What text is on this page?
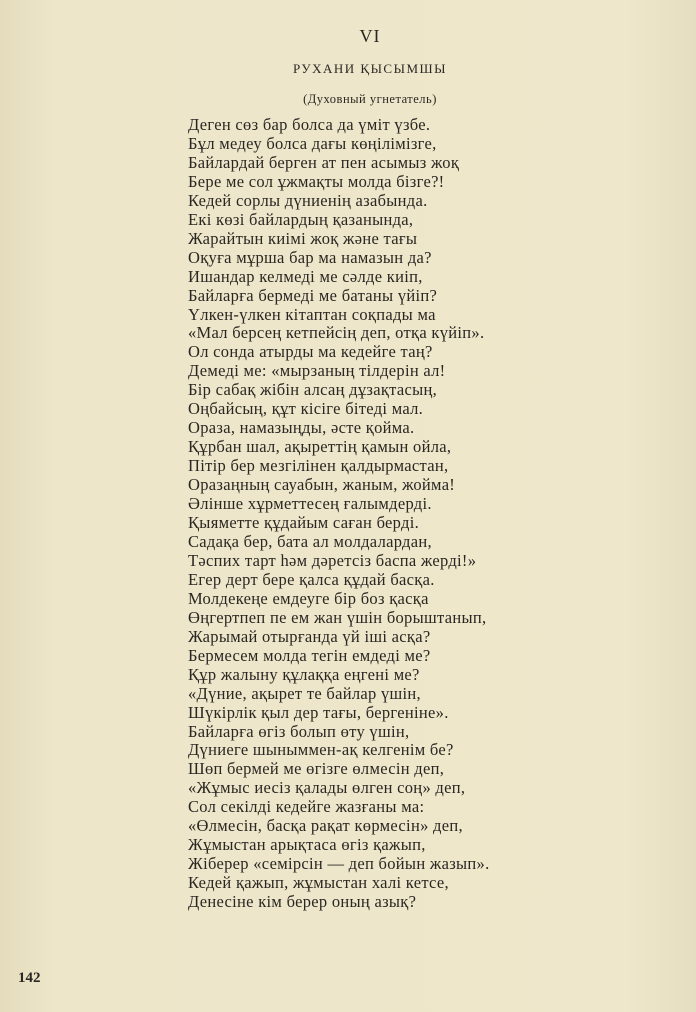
VI
РУХАНИ ҚЫСЫМШЫ
(Духовный угнетатель)
Деген сөз бар болса да үміт үзбе.
Бұл медеу болса дағы көңілімізге,
Байлардай берген ат пен асымыз жоқ
Бере ме сол ұжмақты молда бізге?!
Кедей сорлы дүниенің азабында.
Екі көзі байлардың қазанында,
Жарайтын киімі жоқ және тағы
Оқуға мұрша бар ма намазын да?
Ишандар келмеді ме сәлде киіп,
Байларға бермеді ме батаны үйіп?
Үлкен-үлкен кітаптан соқпады ма
«Мал берсең кетпейсің деп, отқа күйіп».
Ол сонда атырды ма кедейге таң?
Демеді ме: «мырзаның тілдерін ал!
Бір сабақ жібін алсаң дұзақтасың,
Оңбайсың, құт кісіге бітеді мал.
Ораза, намазыңды, әсте қойма.
Құрбан шал, ақыреттің қамын ойла,
Пітір бер мезгілінен қалдырмастан,
Оразаңның сауабын, жаным, жойма!
Әлінше хұрметтесең ғалымдерді.
Қыяметте құдайым саған берді.
Садақа бер, бата ал молдалардан,
Тәспих тарт һәм дәретсіз баспа жерді!»
Егер дерт бере қалса құдай басқа.
Молдекеңе емдеуге бір боз қасқа
Өңгертпеп пе ем жан үшін борыштанып,
Жарымай отырғанда үй іші асқа?
Бермесем молда тегін емдеді ме?
Құр жалыну құлаққа еңгені ме?
«Дүние, ақырет те байлар үшін,
Шүкірлік қыл дер тағы, бергеніне».
Байларға өгіз болып өту үшін,
Дүниеге шыныммен-ақ келгенім бе?
Шөп бермей ме өгізге өлмесін деп,
«Жұмыс иесіз қалады өлген соң» деп,
Сол секілді кедейге жазғаны ма:
«Өлмесін, басқа рақат көрмесін» деп,
Жұмыстан арықтаса өгіз қажып,
Жіберер «семірсін — деп бойын жазып».
Кедей қажып, жұмыстан халі кетсе,
Денесіне кім берер оның азық?
142
